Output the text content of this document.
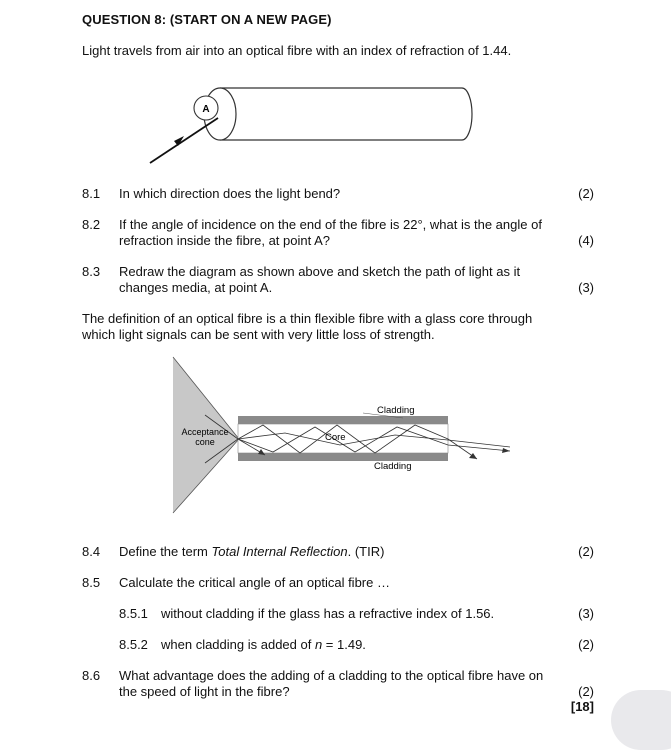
QUESTION 8: (START ON A NEW PAGE)
Light travels from air into an optical fibre with an index of refraction of 1.44.
A
8.1 In which direction does the light bend?	(2)
8.2 If the angle of incidence on the end of the fibre is 22°, what is the angle of refraction inside the fibre, at point A?	(4)
8.3 Redraw the diagram as shown above and sketch the path of light as it changes media, at point A.	(3)
The definition of an optical fibre is a thin flexible fibre with a glass core through which light signals can be sent with very little loss of strength.
Cladding
Cladding
Core
Acceptance
cone
8.4 Define the term Total Internal Reflection. (TIR)	(2)
8.5 Calculate the critical angle of an optical fibre …
8.5.1 without cladding if the glass has a refractive index of 1.56.	(3)
8.5.2 when cladding is added of n = 1.49.	(2)
8.6 What advantage does the adding of a cladding to the optical fibre have on the speed of light in the fibre?	(2)
[18]
